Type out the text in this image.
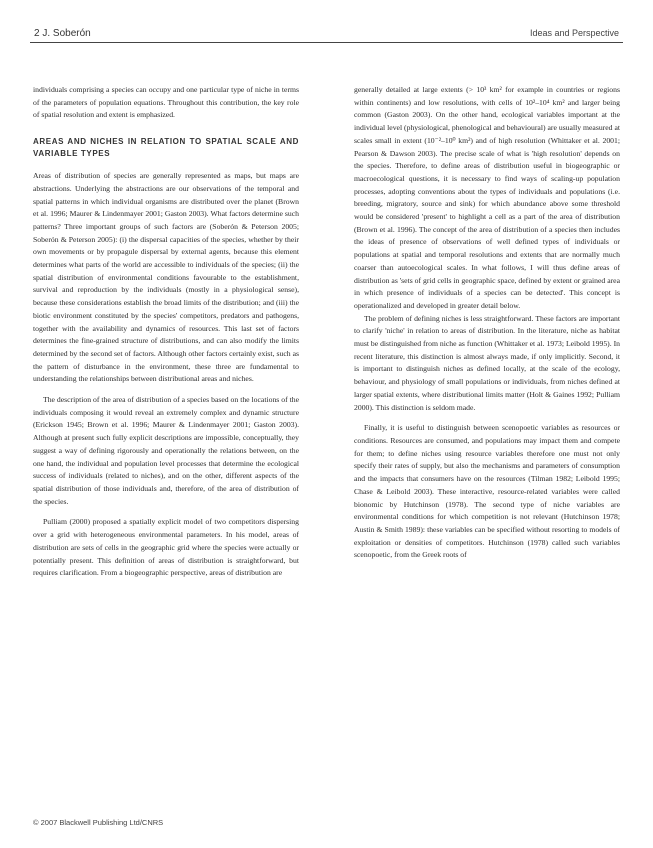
2 J. Soberón	Ideas and Perspective

individuals comprising a species can occupy and one particular type of niche in terms of the parameters of population equations. Throughout this contribution, the key role of spatial resolution and extent is emphasized.

AREAS AND NICHES IN RELATION TO SPATIAL SCALE AND VARIABLE TYPES

Areas of distribution of species are generally represented as maps, but maps are abstractions. Underlying the abstractions are our observations of the temporal and spatial patterns in which individual organisms are distributed over the planet (Brown et al. 1996; Maurer & Lindenmayer 2001; Gaston 2003). What factors determine such patterns? Three important groups of such factors are (Soberón & Peterson 2005; Soberón & Peterson 2005): (i) the dispersal capacities of the species, whether by their own movements or by propagule dispersal by external agents, because this element determines what parts of the world are accessible to individuals of the species; (ii) the spatial distribution of environmental conditions favourable to the establishment, survival and reproduction by the individuals (mostly in a physiological sense), because these considerations establish the broad limits of the distribution; and (iii) the biotic environment constituted by the species' competitors, predators and pathogens, together with the availability and dynamics of resources. This last set of factors determines the fine-grained structure of distributions, and can also modify the limits determined by the second set of factors. Although other factors certainly exist, such as the pattern of disturbance in the environment, these three are fundamental to understanding the relationships between distributional areas and niches.

The description of the area of distribution of a species based on the locations of the individuals composing it would reveal an extremely complex and dynamic structure (Erickson 1945; Brown et al. 1996; Maurer & Lindenmayer 2001; Gaston 2003). Although at present such fully explicit descriptions are impossible, conceptually, they suggest a way of defining rigorously and operationally the relations between, on the one hand, the individual and population level processes that determine the ecological success of individuals (related to niches), and on the other, different aspects of the spatial distribution of those individuals and, therefore, of the area of distribution of the species.

Pulliam (2000) proposed a spatially explicit model of two competitors dispersing over a grid with heterogeneous environmental parameters. In his model, areas of distribution are sets of cells in the geographic grid where the species were actually or potentially present. This definition of areas of distribution is straightforward, but requires clarification. From a biogeographic perspective, areas of distribution are

generally detailed at large extents (> 10³ km² for example in countries or regions within continents) and low resolutions, with cells of 10²–10⁴ km² and larger being common (Gaston 2003). On the other hand, ecological variables important at the individual level (physiological, phenological and behavioural) are usually measured at scales small in extent (10⁻²–10⁰ km²) and of high resolution (Whittaker et al. 2001; Pearson & Dawson 2003). The precise scale of what is 'high resolution' depends on the species. Therefore, to define areas of distribution useful in biogeographic or macroecological questions, it is necessary to find ways of scaling-up population processes, adopting conventions about the types of individuals and populations (i.e. breeding, migratory, source and sink) for which abundance above some threshold would be considered 'present' to highlight a cell as a part of the area of distribution (Brown et al. 1996). The concept of the area of distribution of a species then includes the ideas of presence of observations of well defined types of individuals or populations at spatial and temporal resolutions and extents that are normally much coarser than autoecological scales. In what follows, I will thus define areas of distribution as 'sets of grid cells in geographic space, defined by extent or grained area in which presence of individuals of a species can be detected'. This concept is operationalized and developed in greater detail below.

The problem of defining niches is less straightforward. These factors are important to clarify 'niche' in relation to areas of distribution. In the literature, niche as habitat must be distinguished from niche as function (Whittaker et al. 1973; Leibold 1995). In recent literature, this distinction is almost always made, if only implicitly. Second, it is important to distinguish niches as defined locally, at the scale of the ecology, behaviour, and physiology of small populations or individuals, from niches defined at larger spatial extents, where distributional limits matter (Holt & Gaines 1992; Pulliam 2000). This distinction is seldom made.

Finally, it is useful to distinguish between scenopoetic variables as resources or conditions. Resources are consumed, and populations may impact them and compete for them; to define niches using resource variables therefore one must not only specify their rates of supply, but also the mechanisms and parameters of consumption and the impacts that consumers have on the resources (Tilman 1982; Leibold 1995; Chase & Leibold 2003). These interactive, resource-related variables were called bionomic by Hutchinson (1978). The second type of niche variables are environmental conditions for which competition is not relevant (Hutchinson 1978; Austin & Smith 1989): these variables can be specified without resorting to models of exploitation or densities of competitors. Hutchinson (1978) called such variables scenopoetic, from the Greek roots of

© 2007 Blackwell Publishing Ltd/CNRS
